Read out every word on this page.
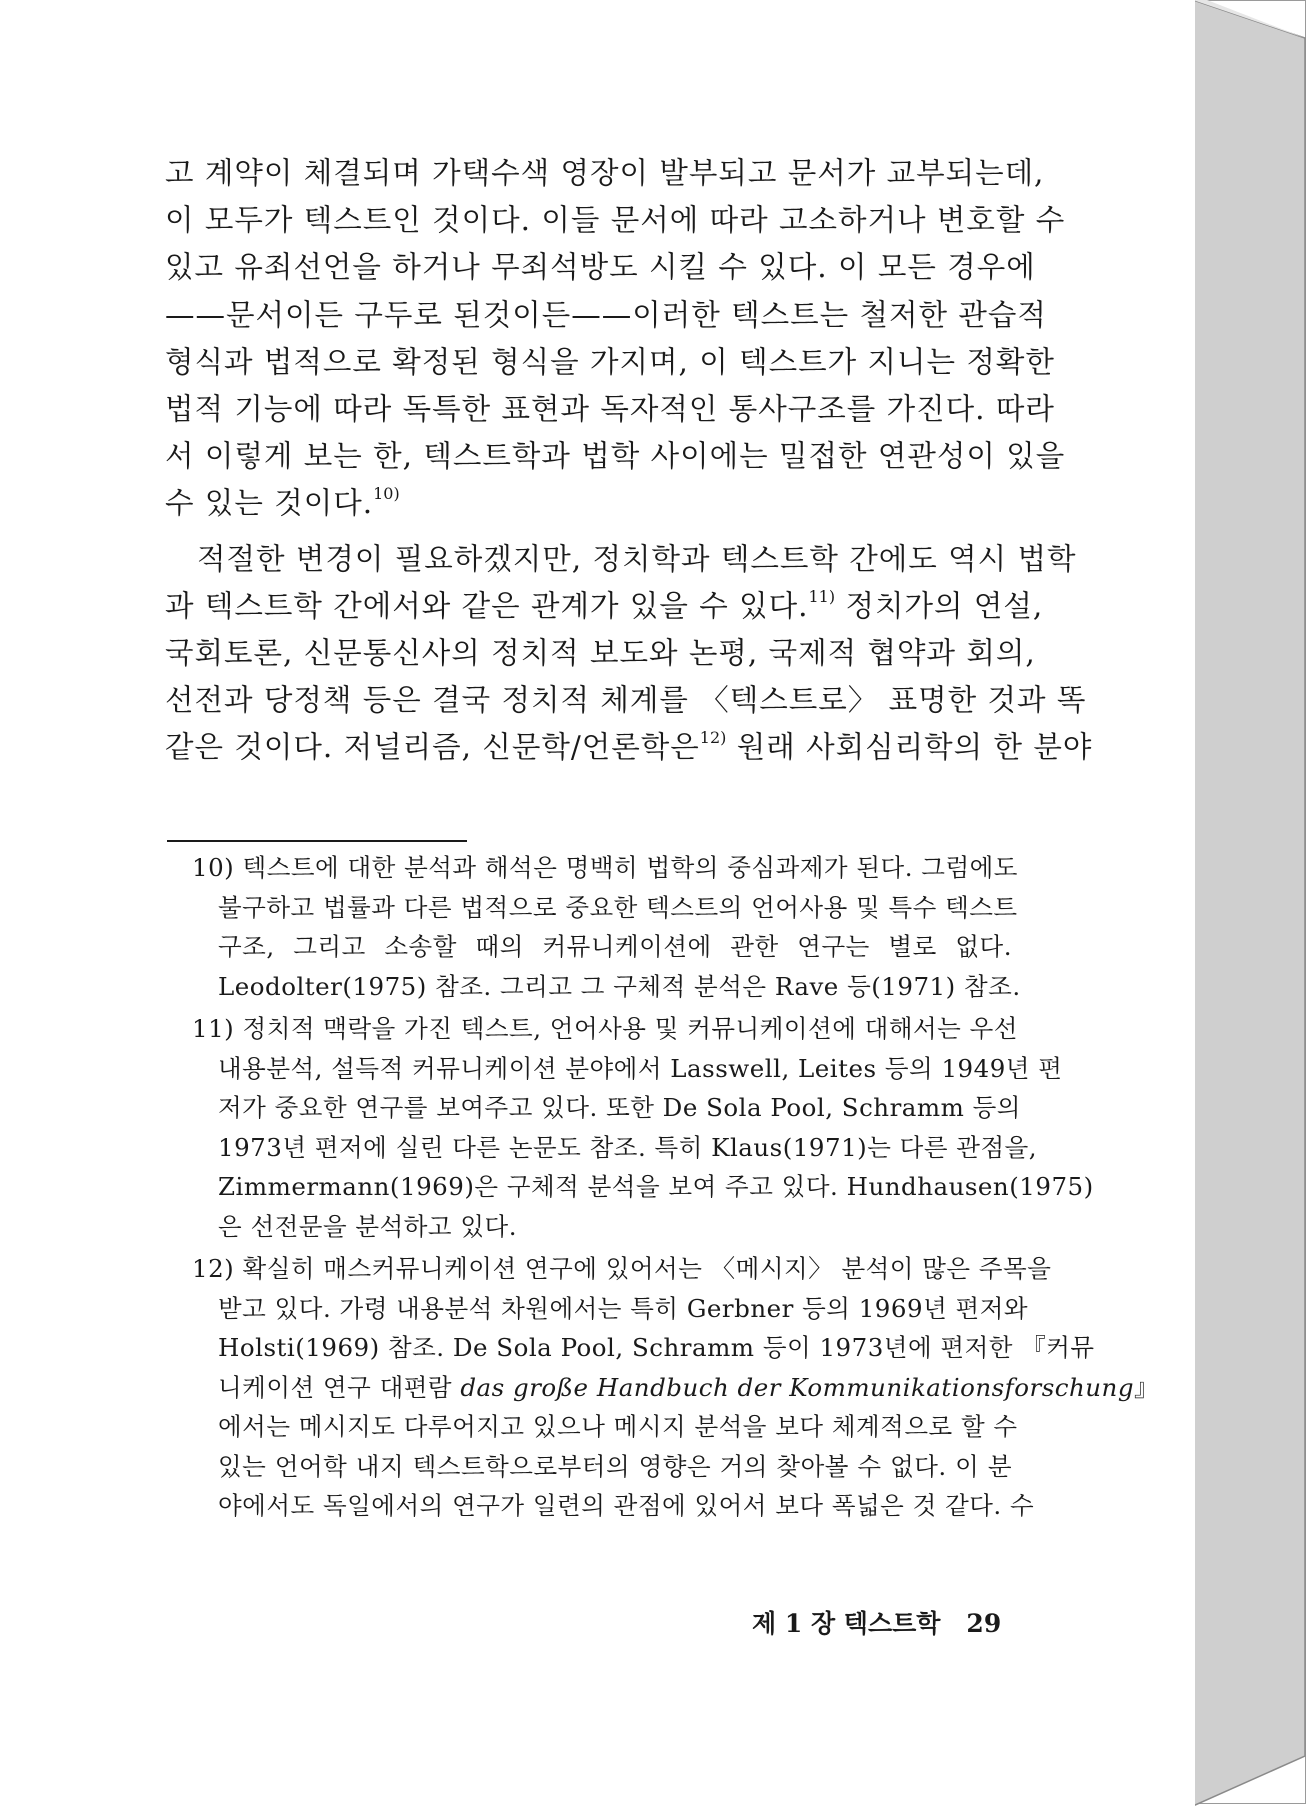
고 계약이 체결되며 가택수색 영장이 발부되고 문서가 교부되는데,
이 모두가 텍스트인 것이다. 이들 문서에 따라 고소하거나 변호할 수
있고 유죄선언을 하거나 무죄석방도 시킬 수 있다. 이 모든 경우에
——문서이든 구두로 된것이든——이러한 텍스트는 철저한 관습적
형식과 법적으로 확정된 형식을 가지며, 이 텍스트가 지니는 정확한
법적 기능에 따라 독특한 표현과 독자적인 통사구조를 가진다. 따라
서 이렇게 보는 한, 텍스트학과 법학 사이에는 밀접한 연관성이 있을
수 있는 것이다.$^{10)}$
적절한 변경이 필요하겠지만, 정치학과 텍스트학 간에도 역시 법학
과 텍스트학 간에서와 같은 관계가 있을 수 있다.$^{11)}$ 정치가의 연설,
국회토론, 신문통신사의 정치적 보도와 논평, 국제적 협약과 회의,
선전과 당정책 등은 결국 정치적 체계를 〈텍스트로〉 표명한 것과 똑
같은 것이다. 저널리즘, 신문학/언론학은$^{12)}$ 원래 사회심리학의 한 분야
10) 텍스트에 대한 분석과 해석은 명백히 법학의 중심과제가 된다. 그럼에도
불구하고 법률과 다른 법적으로 중요한 텍스트의 언어사용 및 특수 텍스트
구조, 그리고 소송할 때의 커뮤니케이션에 관한 연구는 별로 없다.
Leodolter(1975) 참조. 그리고 그 구체적 분석은 Rave 등(1971) 참조.
11) 정치적 맥락을 가진 텍스트, 언어사용 및 커뮤니케이션에 대해서는 우선
내용분석, 설득적 커뮤니케이션 분야에서 Lasswell, Leites 등의 1949년 편
저가 중요한 연구를 보여주고 있다. 또한 De Sola Pool, Schramm 등의
1973년 편저에 실린 다른 논문도 참조. 특히 Klaus(1971)는 다른 관점을,
Zimmermann(1969)은 구체적 분석을 보여 주고 있다. Hundhausen(1975)
은 선전문을 분석하고 있다.
12) 확실히 매스커뮤니케이션 연구에 있어서는 〈메시지〉 분석이 많은 주목을
받고 있다. 가령 내용분석 차원에서는 특히 Gerbner 등의 1969년 편저와
Holsti(1969) 참조. De Sola Pool, Schramm 등이 1973년에 편저한 『커뮤
니케이션 연구 대편람 das große Handbuch der Kommunikationsforschung』
에서는 메시지도 다루어지고 있으나 메시지 분석을 보다 체계적으로 할 수
있는 언어학 내지 텍스트학으로부터의 영향은 거의 찾아볼 수 없다. 이 분
야에서도 독일에서의 연구가 일련의 관점에 있어서 보다 폭넓은 것 같다. 수
제 1 장 텍스트학 29
